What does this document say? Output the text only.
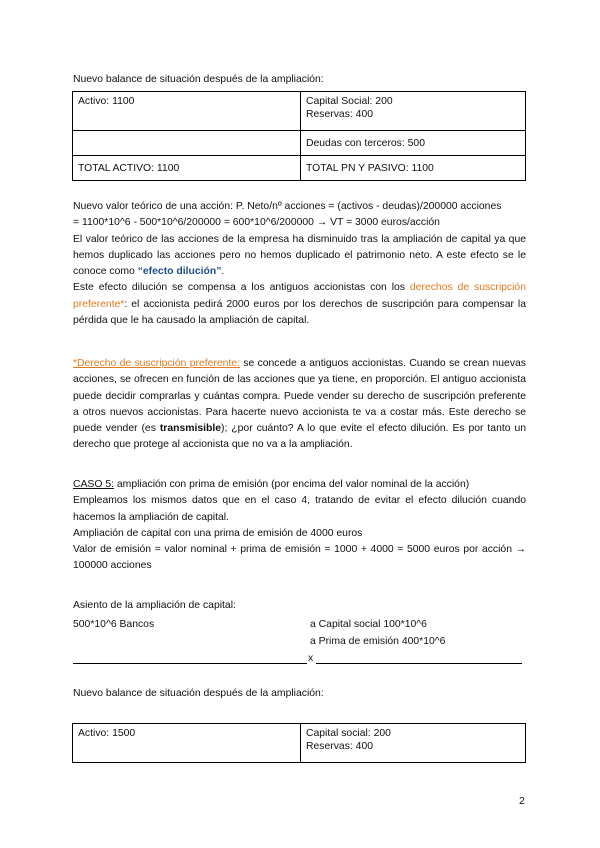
Nuevo balance de situación después de la ampliación:
Activo: 1100	Capital Social: 200
Reservas: 400

	Deudas con terceros: 500
TOTAL ACTIVO: 1100	TOTAL PN Y PASIVO: 1100
Nuevo valor teórico de una acción: P. Neto/nº acciones = (activos - deudas)/200000 acciones
= 1100*10^6 - 500*10^6/200000 = 600*10^6/200000 → VT = 3000 euros/acción
El valor teórico de las acciones de la empresa ha disminuido tras la ampliación de capital ya que hemos duplicado las acciones pero no hemos duplicado el patrimonio neto. A este efecto se le conoce como “efecto dilución”.
Este efecto dilución se compensa a los antiguos accionistas con los derechos de suscripción preferente*: el accionista pedirá 2000 euros por los derechos de suscripción para compensar la pérdida que le ha causado la ampliación de capital.
*Derecho de suscripción preferente: se concede a antiguos accionistas. Cuando se crean nuevas acciones, se ofrecen en función de las acciones que ya tiene, en proporción. El antiguo accionista puede decidir comprarlas y cuántas compra. Puede vender su derecho de suscripción preferente a otros nuevos accionistas. Para hacerte nuevo accionista te va a costar más. Este derecho se puede vender (es transmisible); ¿por cuánto? A lo que evite el efecto dilución. Es por tanto un derecho que protege al accionista que no va a la ampliación.
CASO 5: ampliación con prima de emisión (por encima del valor nominal de la acción)
Empleamos los mismos datos que en el caso 4, tratando de evitar el efecto dilución cuando hacemos la ampliación de capital.
Ampliación de capital con una prima de emisión de 4000 euros
Valor de emisión = valor nominal + prima de emisión = 1000 + 4000 = 5000 euros por acción → 100000 acciones
Asiento de la ampliación de capital:
500*10^6 Bancos	a Capital social 100*10^6
a Prima de emisión 400*10^6
x
Nuevo balance de situación después de la ampliación:
Activo: 1500	Capital social: 200
Reservas: 400
2
